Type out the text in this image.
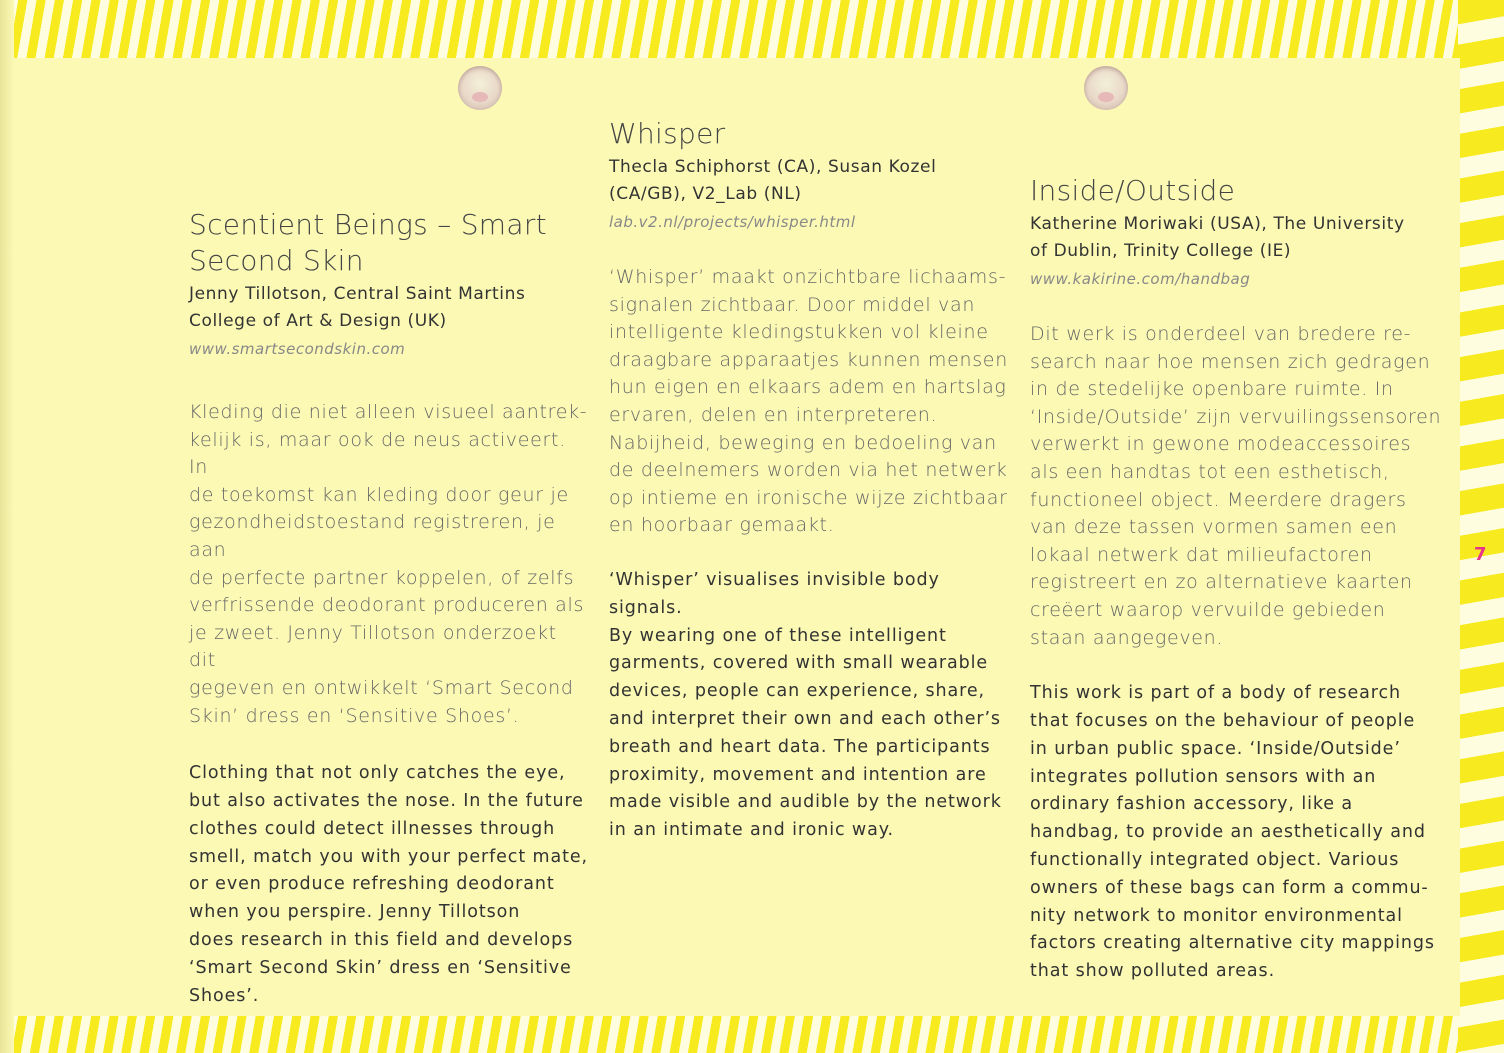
Scentient Beings – Smart
Second Skin

Jenny Tillotson, Central Saint Martins
College of Art & Design (UK)

www.smartsecondskin.com

Kleding die niet alleen visueel aantrek-
kelijk is, maar ook de neus activeert. In
de toekomst kan kleding door geur je
gezondheidstoestand registreren, je aan
de perfecte partner koppelen, of zelfs
verfrissende deodorant produceren als
je zweet. Jenny Tillotson onderzoekt dit
gegeven en ontwikkelt ‘Smart Second
Skin’ dress en ‘Sensitive Shoes’.

Clothing that not only catches the eye,
but also activates the nose. In the future
clothes could detect illnesses through
smell, match you with your perfect mate,
or even produce refreshing deodorant
when you perspire. Jenny Tillotson
does research in this field and develops
‘Smart Second Skin’ dress en ‘Sensitive
Shoes’.

Whisper

Thecla Schiphorst (CA), Susan Kozel
(CA/GB), V2_Lab (NL)

lab.v2.nl/projects/whisper.html

‘Whisper’ maakt onzichtbare lichaams-
signalen zichtbaar. Door middel van
intelligente kledingstukken vol kleine
draagbare apparaatjes kunnen mensen
hun eigen en elkaars adem en hartslag
ervaren, delen en interpreteren.
Nabijheid, beweging en bedoeling van
de deelnemers worden via het netwerk
op intieme en ironische wijze zichtbaar
en hoorbaar gemaakt.

‘Whisper’ visualises invisible body signals.
By wearing one of these intelligent
garments, covered with small wearable
devices, people can experience, share,
and interpret their own and each other’s
breath and heart data. The participants
proximity, movement and intention are
made visible and audible by the network
in an intimate and ironic way.

Inside/Outside

Katherine Moriwaki (USA), The University
of Dublin, Trinity College (IE)

www.kakirine.com/handbag

Dit werk is onderdeel van bredere re-
search naar hoe mensen zich gedragen
in de stedelijke openbare ruimte. In
‘Inside/Outside’ zijn vervuilingssensoren
verwerkt in gewone modeaccessoires
als een handtas tot een esthetisch,
functioneel object. Meerdere dragers
van deze tassen vormen samen een
lokaal netwerk dat milieufactoren
registreert en zo alternatieve kaarten
creëert waarop vervuilde gebieden
staan aangegeven.

This work is part of a body of research
that focuses on the behaviour of people
in urban public space. ‘Inside/Outside’
integrates pollution sensors with an
ordinary fashion accessory, like a
handbag, to provide an aesthetically and
functionally integrated object. Various
owners of these bags can form a commu-
nity network to monitor environmental
factors creating alternative city mappings
that show polluted areas.

7
